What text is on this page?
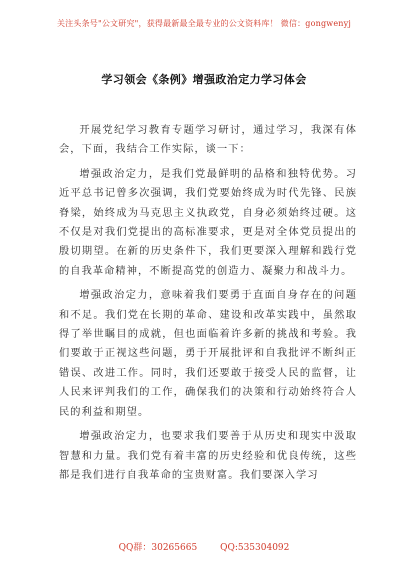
关注头条号"公文研究"，获得最新最全最专业的公文资料库！ 微信：gongwenyj
学习领会《条例》增强政治定力学习体会

开展党纪学习教育专题学习研讨，通过学习，我深有体会，下面，我结合工作实际，谈一下：

增强政治定力，是我们党最鲜明的品格和独特优势。习近平总书记曾多次强调，我们党要始终成为时代先锋、民族脊梁，始终成为马克思主义执政党，自身必须始终过硬。这不仅是对我们党提出的高标准要求，更是对全体党员提出的殷切期望。在新的历史条件下，我们更要深入理解和践行党的自我革命精神，不断提高党的创造力、凝聚力和战斗力。

增强政治定力，意味着我们要勇于直面自身存在的问题和不足。我们党在长期的革命、建设和改革实践中，虽然取得了举世瞩目的成就，但也面临着许多新的挑战和考验。我们要敢于正视这些问题，勇于开展批评和自我批评不断纠正错误、改进工作。同时，我们还要敢于接受人民的监督，让人民来评判我们的工作，确保我们的决策和行动始终符合人民的利益和期望。

增强政治定力，也要求我们要善于从历史和现实中汲取智慧和力量。我们党有着丰富的历史经验和优良传统，这些都是我们进行自我革命的宝贵财富。我们要深入学习

QQ群：30265665	QQ:535304092
